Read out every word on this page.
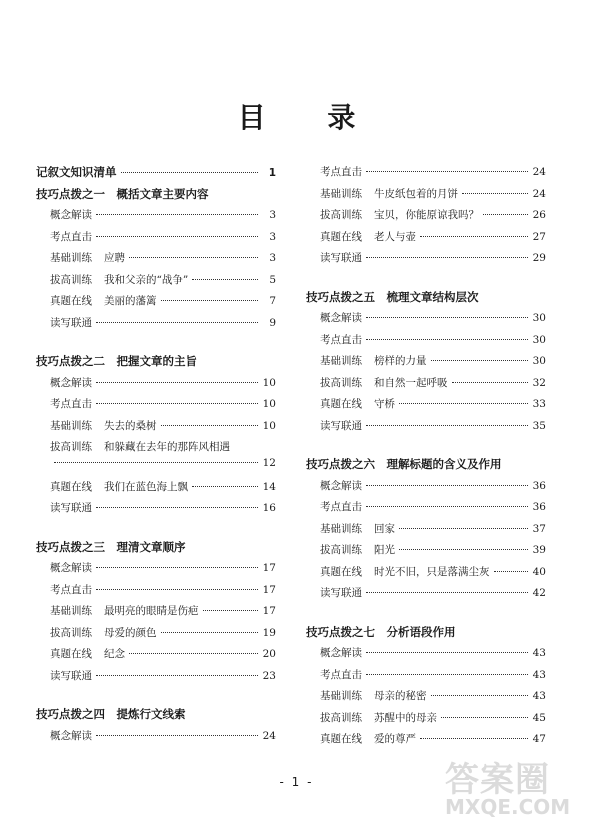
目 录
记叙文知识清单	1
技巧点拨之一　概括文章主要内容
概念解读	3
考点直击	3
基础训练	应聘	3
拔高训练	我和父亲的“战争”	5
真题在线	美丽的藩篱	7
读写联通	9
技巧点拨之二　把握文章的主旨
概念解读	10
考点直击	10
基础训练	失去的桑树	10
拔高训练	和躲藏在去年的那阵风相遇
12
真题在线	我们在蓝色海上飘	14
读写联通	16
技巧点拨之三　理清文章顺序
概念解读	17
考点直击	17
基础训练	最明亮的眼睛是伤疤	17
拔高训练	母爱的颜色	19
真题在线	纪念	20
读写联通	23
技巧点拨之四　提炼行文线索
概念解读	24
考点直击	24
基础训练	牛皮纸包着的月饼	24
拔高训练	宝贝，你能原谅我吗？	26
真题在线	老人与壶	27
读写联通	29
技巧点拨之五　梳理文章结构层次
概念解读	30
考点直击	30
基础训练	榜样的力量	30
拔高训练	和自然一起呼吸	32
真题在线	守桥	33
读写联通	35
技巧点拨之六　理解标题的含义及作用
概念解读	36
考点直击	36
基础训练	回家	37
拔高训练	阳光	39
真题在线	时光不旧，只是落满尘灰	40
读写联通	42
技巧点拨之七　分析语段作用
概念解读	43
考点直击	43
基础训练	母亲的秘密	43
拔高训练	苏醒中的母亲	45
真题在线	爱的尊严	47
- 1 -	答案圈
MXQE.COM
